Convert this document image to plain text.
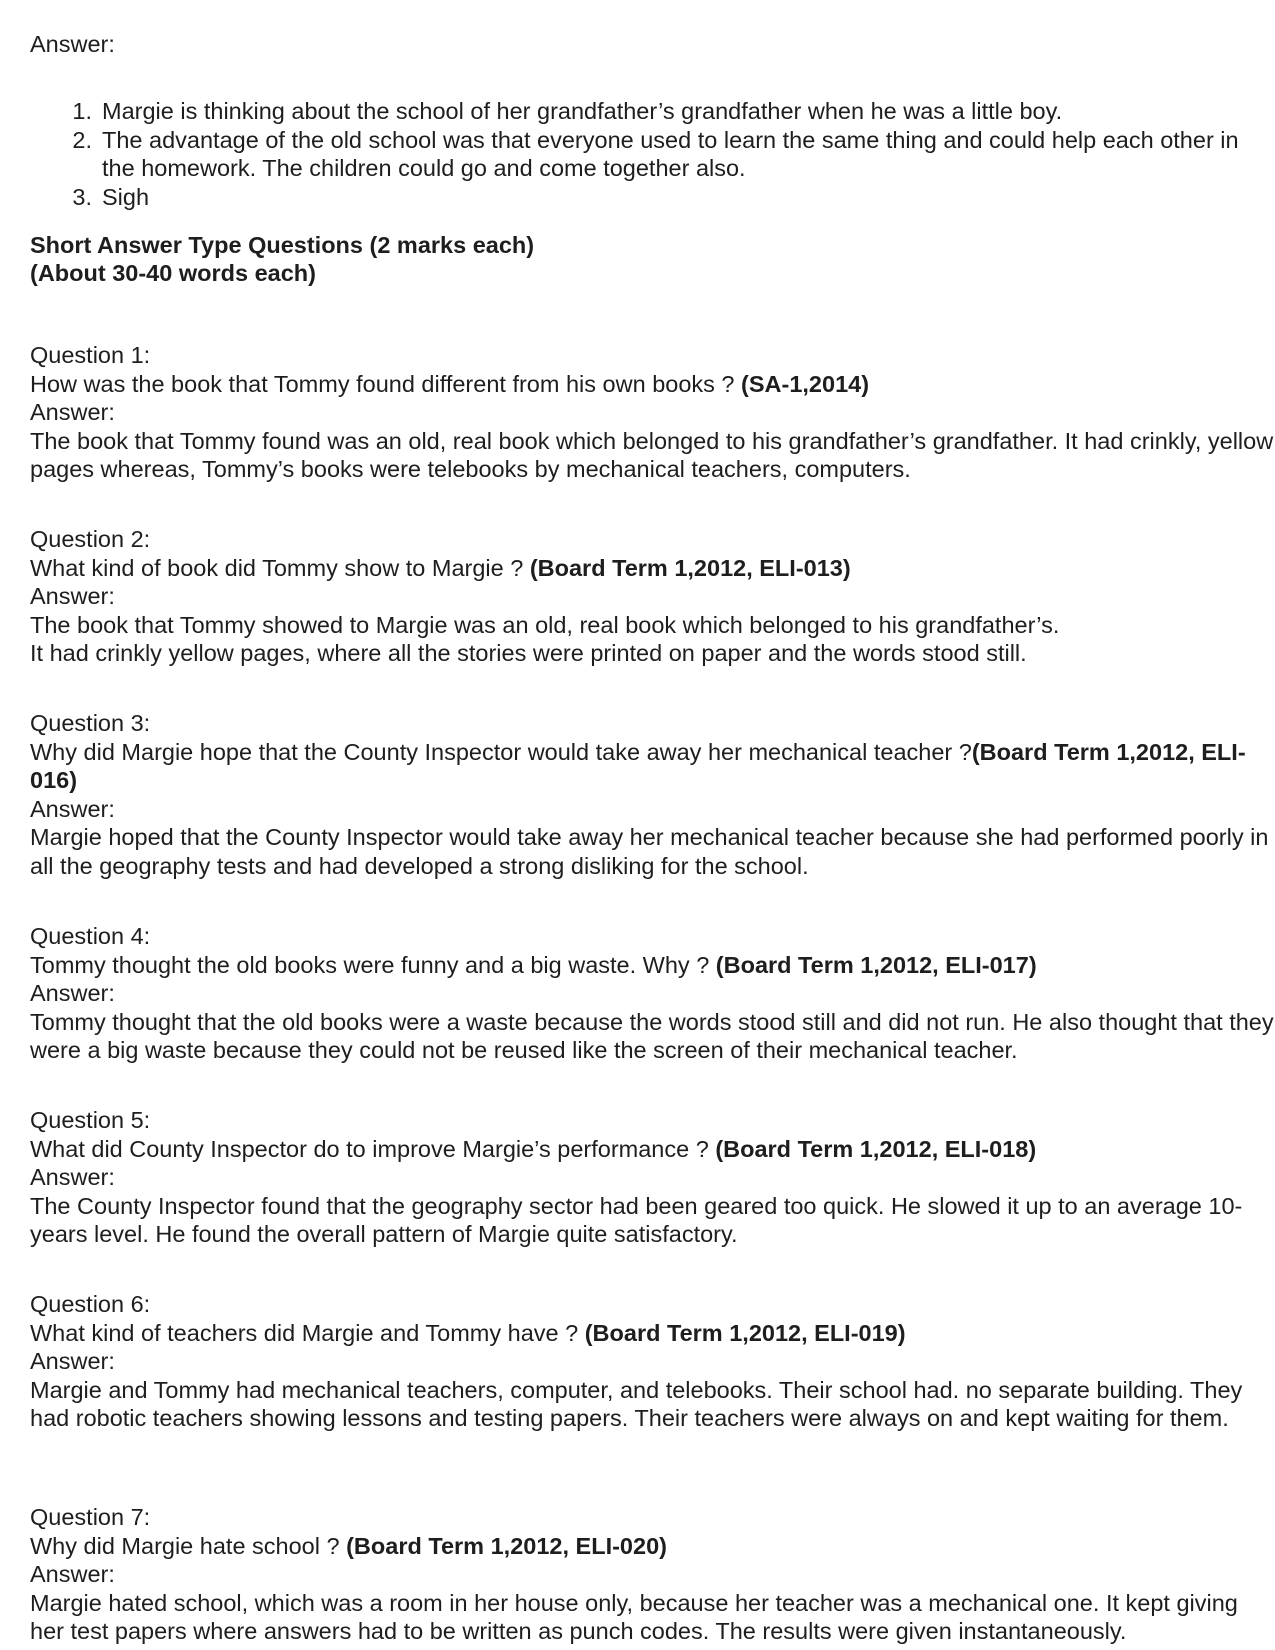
Answer:

1. Margie is thinking about the school of her grandfather’s grandfather when he was a little boy.
2. The advantage of the old school was that everyone used to learn the same thing and could help each other in the homework. The children could go and come together also.
3. Sigh

Short Answer Type Questions (2 marks each)

(About 30-40 words each)

Question 1:

How was the book that Tommy found different from his own books ? (SA-1,2014)

Answer:

The book that Tommy found was an old, real book which belonged to his grandfather’s grandfather. It had crinkly, yellow pages whereas, Tommy’s books were telebooks by mechanical teachers, computers.

Question 2:

What kind of book did Tommy show to Margie ? (Board Term 1,2012, ELI-013)

Answer:

The book that Tommy showed to Margie was an old, real book which belonged to his grandfather’s.

It had crinkly yellow pages, where all the stories were printed on paper and the words stood still.

Question 3:

Why did Margie hope that the County Inspector would take away her mechanical teacher ?(Board Term 1,2012, ELI-016)

Answer:

Margie hoped that the County Inspector would take away her mechanical teacher because she had performed poorly in all the geography tests and had developed a strong disliking for the school.

Question 4:

Tommy thought the old books were funny and a big waste. Why ? (Board Term 1,2012, ELI-017)

Answer:

Tommy thought that the old books were a waste because the words stood still and did not run. He also thought that they were a big waste because they could not be reused like the screen of their mechanical teacher.

Question 5:

What did County Inspector do to improve Margie’s performance ? (Board Term 1,2012, ELI-018)

Answer:

The County Inspector found that the geography sector had been geared too quick. He slowed it up to an average 10-years level. He found the overall pattern of Margie quite satisfactory.

Question 6:

What kind of teachers did Margie and Tommy have ? (Board Term 1,2012, ELI-019)

Answer:

Margie and Tommy had mechanical teachers, computer, and telebooks. Their school had. no separate building. They had robotic teachers showing lessons and testing papers. Their teachers were always on and kept waiting for them.

Question 7:

Why did Margie hate school ? (Board Term 1,2012, ELI-020)

Answer:

Margie hated school, which was a room in her house only, because her teacher was a mechanical one. It kept giving her test papers where answers had to be written as punch codes. The results were given instantaneously.
